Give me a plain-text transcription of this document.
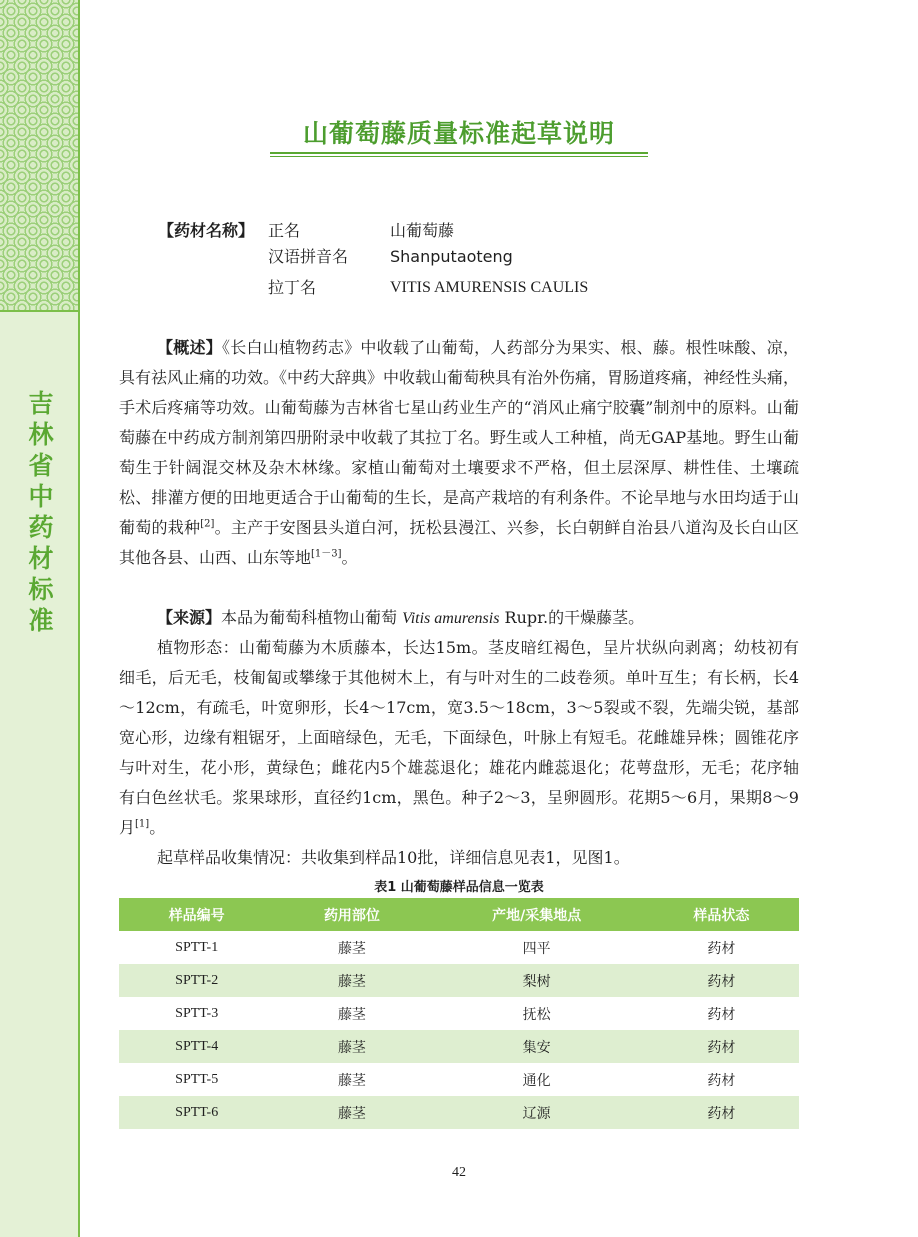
吉
林
省
中
药
材
标
准
山葡萄藤质量标准起草说明
【药材名称】 正名	山葡萄藤
汉语拼音名	Shanputaoteng
拉丁名	VITIS AMURENSIS CAULIS
【概述】《长白山植物药志》中收载了山葡萄，人药部分为果实、根、藤。根性味酸、凉，具有祛风止痛的功效。《中药大辞典》中收载山葡萄秧具有治外伤痛，胃肠道疼痛，神经性头痛，手术后疼痛等功效。山葡萄藤为吉林省七星山药业生产的“消风止痛宁胶囊”制剂中的原料。山葡萄藤在中药成方制剂第四册附录中收载了其拉丁名。野生或人工种植，尚无GAP基地。野生山葡萄生于针阔混交林及杂木林缘。家植山葡萄对土壤要求不严格，但土层深厚、耕性佳、土壤疏松、排灌方便的田地更适合于山葡萄的生长，是高产栽培的有利条件。不论旱地与水田均适于山葡萄的栽种[2]。主产于安图县头道白河，抚松县漫江、兴参，长白朝鲜自治县八道沟及长白山区其他各县、山西、山东等地[1－3]。
【来源】本品为葡萄科植物山葡萄 Vitis amurensis Rupr.的干燥藤茎。
植物形态：山葡萄藤为木质藤本，长达15m。茎皮暗红褐色，呈片状纵向剥离；幼枝初有细毛，后无毛，枝匍匐或攀缘于其他树木上，有与叶对生的二歧卷须。单叶互生；有长柄，长4～12cm，有疏毛，叶宽卵形，长4～17cm，宽3.5～18cm，3～5裂或不裂，先端尖锐，基部宽心形，边缘有粗锯牙，上面暗绿色，无毛，下面绿色，叶脉上有短毛。花雌雄异株；圆锥花序与叶对生，花小形，黄绿色；雌花内5个雄蕊退化；雄花内雌蕊退化；花萼盘形，无毛；花序轴有白色丝状毛。浆果球形，直径约1cm，黑色。种子2～3，呈卵圆形。花期5～6月，果期8～9月[1]。
起草样品收集情况：共收集到样品10批，详细信息见表1，见图1。
表1 山葡萄藤样品信息一览表
样品编号	药用部位	产地/采集地点	样品状态
SPTT-1	藤茎	四平	药材
SPTT-2	藤茎	梨树	药材
SPTT-3	藤茎	抚松	药材
SPTT-4	藤茎	集安	药材
SPTT-5	藤茎	通化	药材
SPTT-6	藤茎	辽源	药材
42
